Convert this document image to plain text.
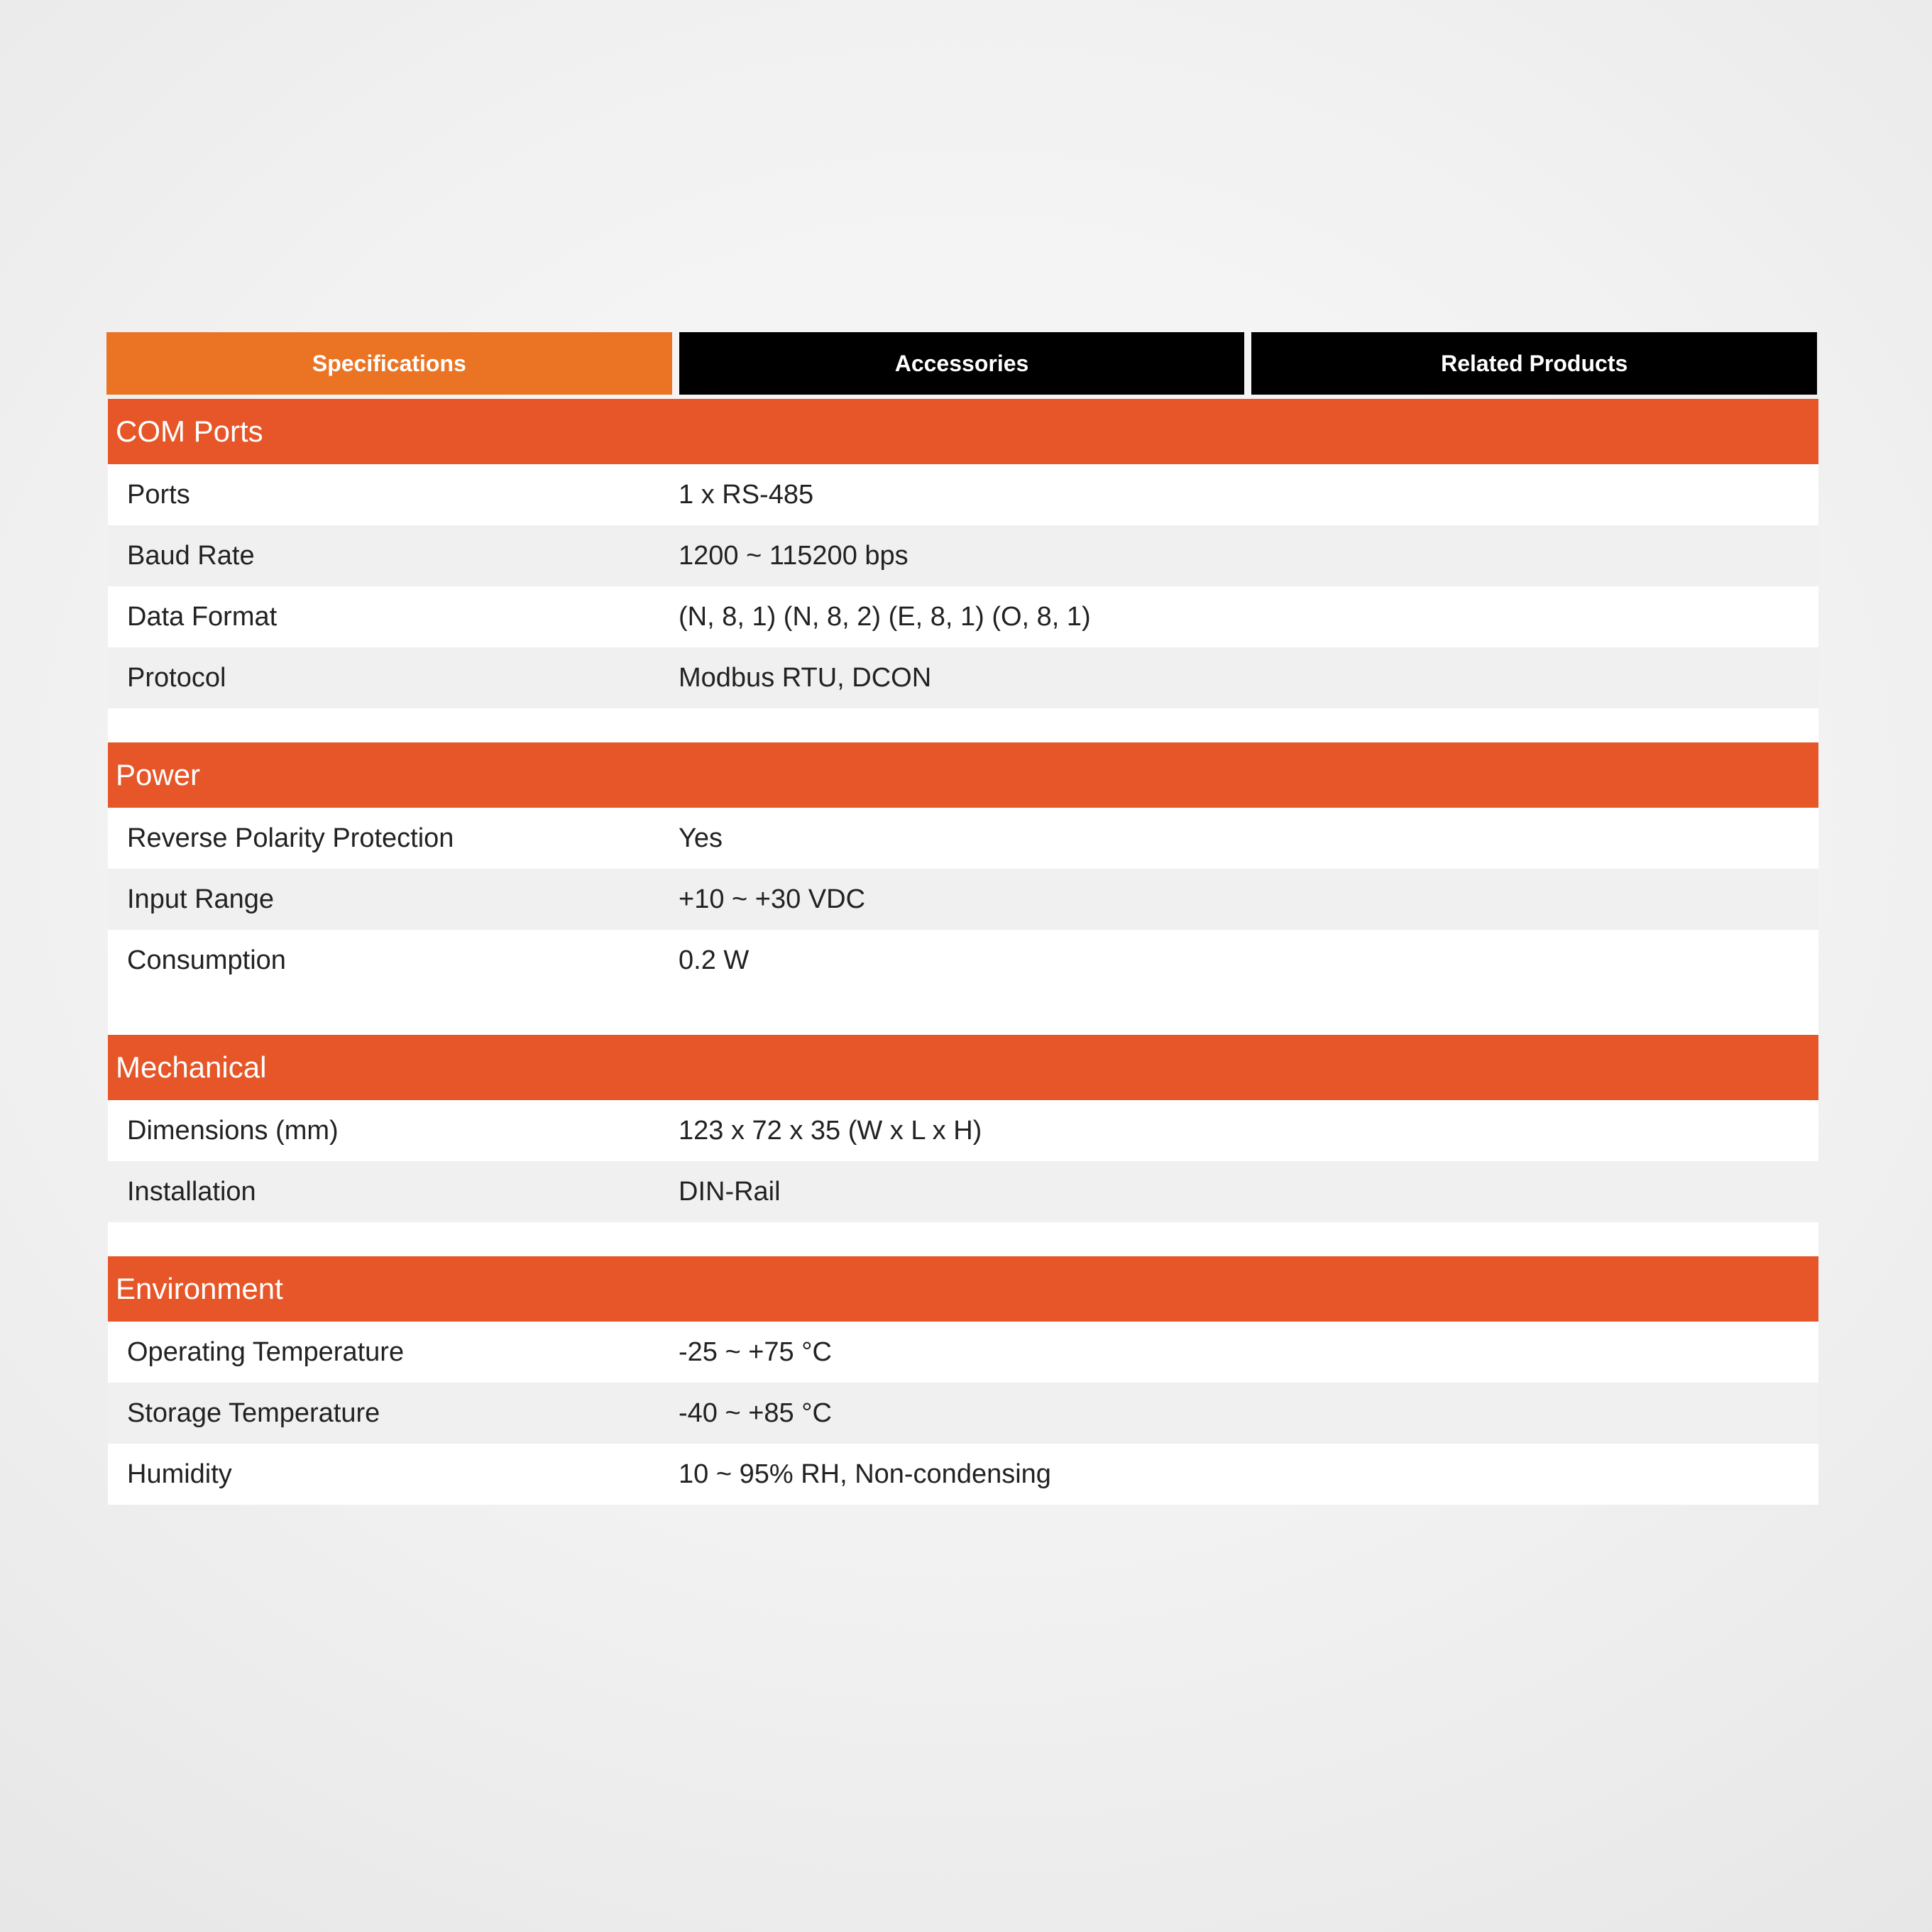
Specifications	Accessories	Related Products
COM Ports
Ports	1 x RS-485
Baud Rate	1200 ~ 115200 bps
Data Format	(N, 8, 1) (N, 8, 2) (E, 8, 1) (O, 8, 1)
Protocol	Modbus RTU, DCON
Power
Reverse Polarity Protection	Yes
Input Range	+10 ~ +30 VDC
Consumption	0.2 W
Mechanical
Dimensions (mm)	123 x 72 x 35 (W x L x H)
Installation	DIN-Rail
Environment
Operating Temperature	-25 ~ +75 °C
Storage Temperature	-40 ~ +85 °C
Humidity	10 ~ 95% RH, Non-condensing
